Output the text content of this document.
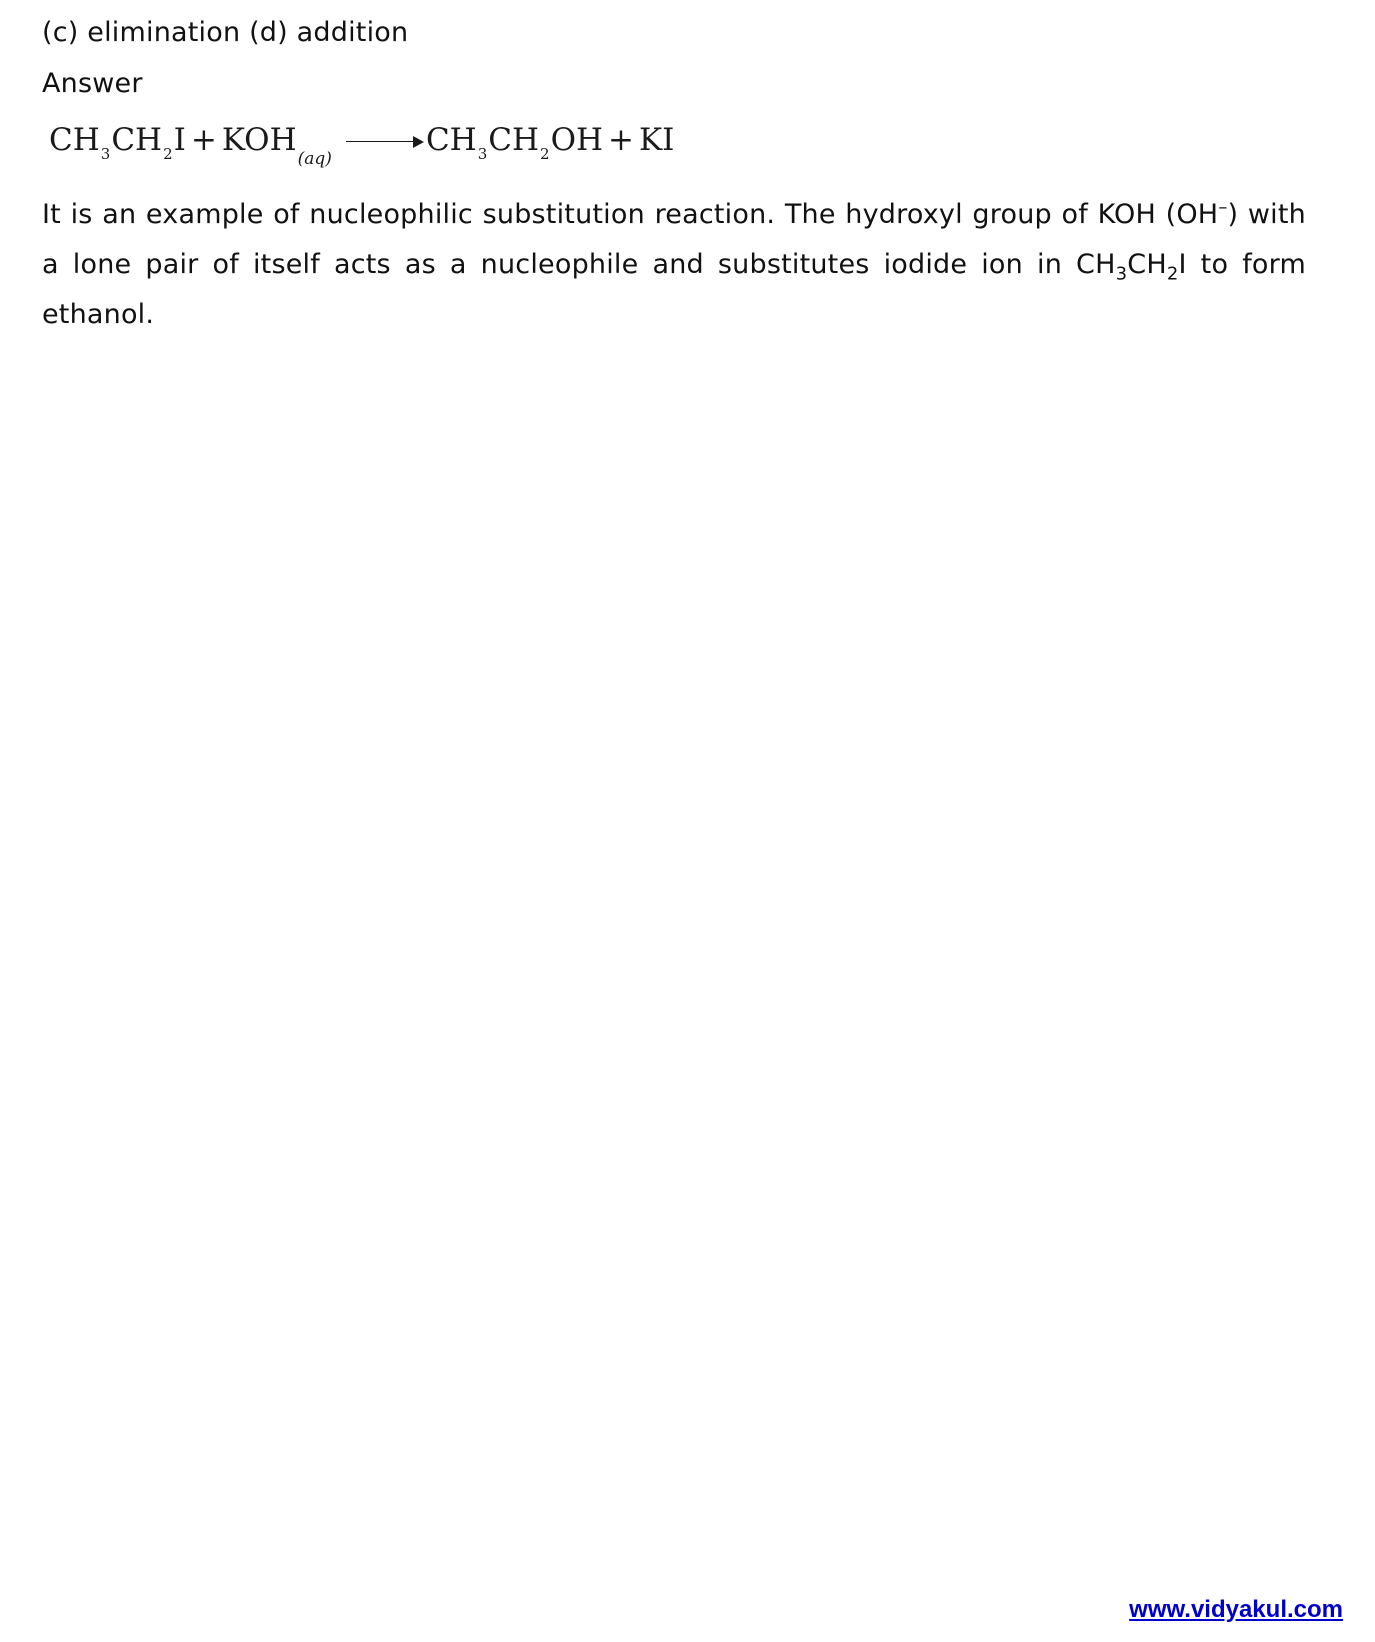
(c) elimination (d) addition
Answer
$CH_3CH_2I + KOH_{(aq)}CH_3CH_2OH$ + KI
It is an example of nucleophilic substitution reaction. The hydroxyl group of KOH (OH–) with a lone pair of itself acts as a nucleophile and substitutes iodide ion in $CH_3CH_2I$ to form ethanol.
www.vidyakul.com
